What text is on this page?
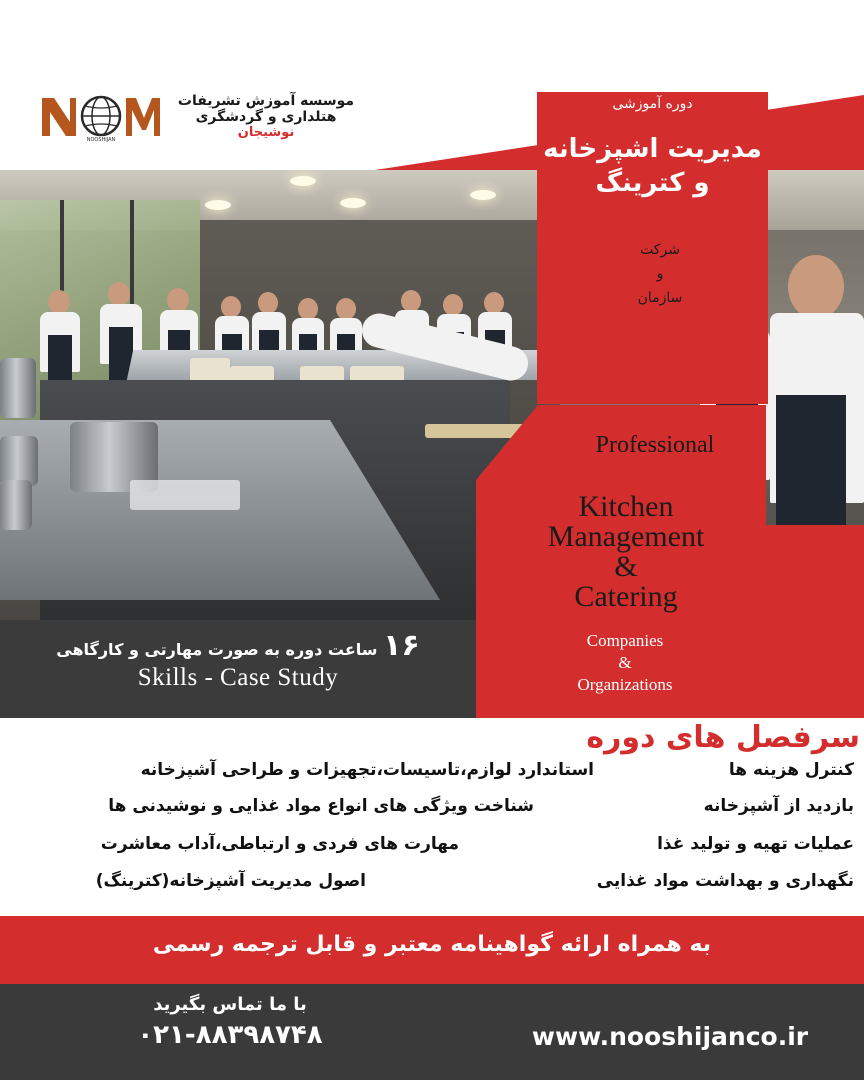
NOOSHIJAN
موسسه آموزش تشریفات
هتلداری و گردشگری
نوشیجان
دوره آموزشی
مدیریت اشپزخانه
و کترینگ
شرکت
و
سازمان
Professional
Kitchen
Management
&
Catering
Companies
&
Organizations
۱۶ ساعت دوره به صورت مهارتی و کارگاهی
Skills - Case Study
سرفصل های دوره
کنترل هزینه ها
بازدید از آشپزخانه
عملیات تهیه و تولید غذا
نگهداری و بهداشت مواد غذایی
استاندارد لوازم،تاسیسات،تجهیزات و طراحی آشپزخانه
شناخت ویژگی های انواع مواد غذایی و نوشیدنی ها
مهارت های فردی و ارتباطی،آداب معاشرت
اصول مدیریت آشپزخانه(کترینگ)
به همراه ارائه گواهینامه معتبر و قابل ترجمه رسمی
با ما تماس بگیرید
۰۲۱-۸۸۳۹۸۷۴۸	www.nooshijanco.ir
